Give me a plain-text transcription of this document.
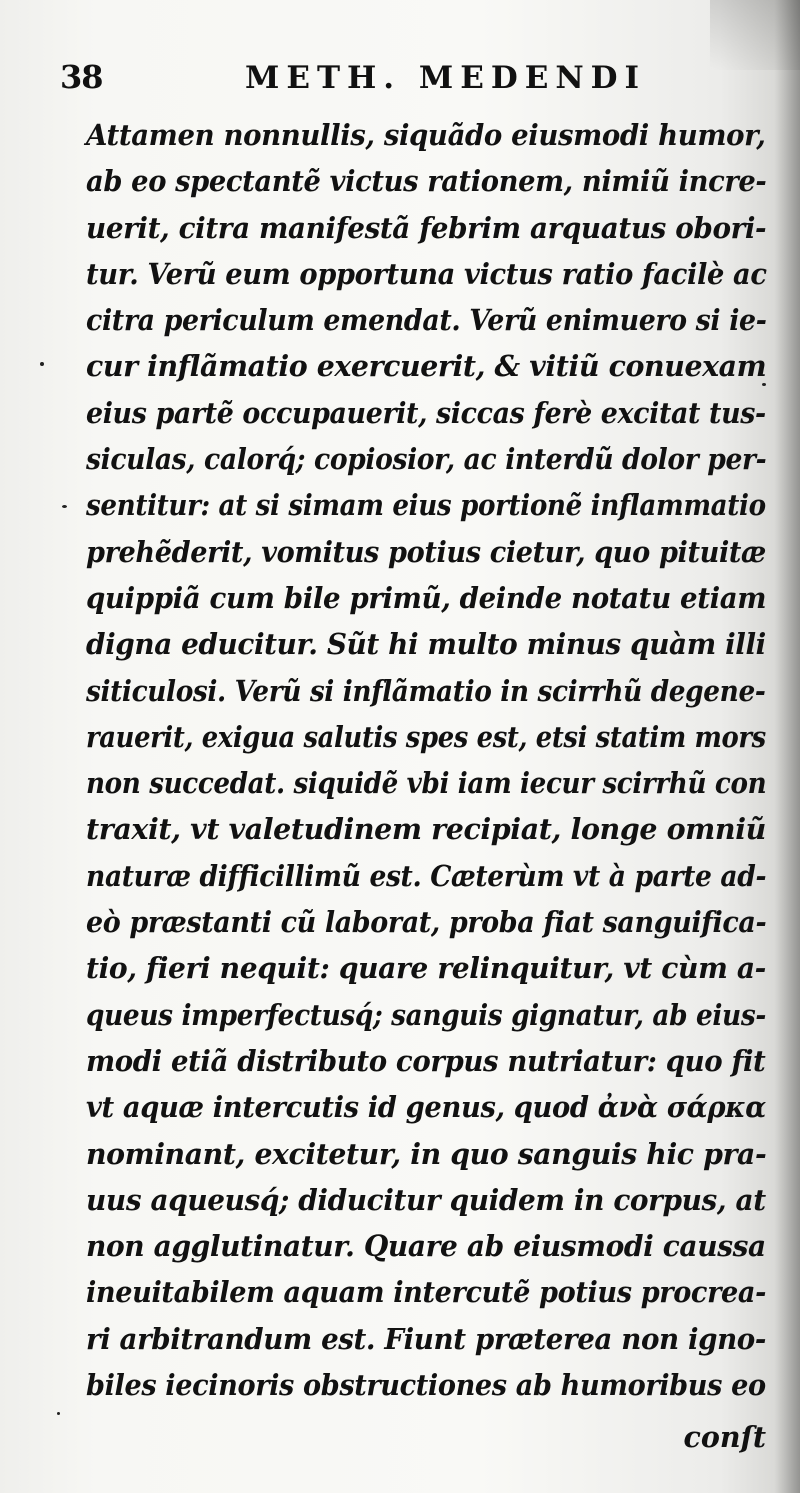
38	METH. MEDENDI
Attamen nonnullis, siquãdo eiusmodi humor,
ab eo spectantẽ victus rationem, nimiũ incre-
uerit, citra manifestã febrim arquatus obori-
tur. Verũ eum opportuna victus ratio facilè ac
citra periculum emendat. Verũ enimuero si ie-
cur inflãmatio exercuerit, & vitiũ conuexam
eius partẽ occupauerit, siccas ferè excitat tus-
siculas, calorq́; copiosior, ac interdũ dolor per-
sentitur: at si simam eius portionẽ inflammatio
prehẽderit, vomitus potius cietur, quo pituitæ
quippiã cum bile primũ, deinde notatu etiam
digna educitur. Sũt hi multo minus quàm illi
siticulosi. Verũ si inflãmatio in scirrhũ degene-
rauerit, exigua salutis spes est, etsi statim mors
non succedat. siquidẽ vbi iam iecur scirrhũ con
traxit, vt valetudinem recipiat, longe omniũ
naturæ difficillimũ est. Cæterùm vt à parte ad-
eò præstanti cũ laborat, proba fiat sanguifica-
tio, fieri nequit: quare relinquitur, vt cùm a-
queus imperfectusq́; sanguis gignatur, ab eius-
modi etiã distributo corpus nutriatur: quo fit
vt aquæ intercutis id genus, quod ἀνὰ σάρκα
nominant, excitetur, in quo sanguis hic pra-
uus aqueusq́; diducitur quidem in corpus, at
non agglutinatur. Quare ab eiusmodi caussa
ineuitabilem aquam intercutẽ potius procrea-
ri arbitrandum est. Fiunt præterea non igno-
biles iecinoris obstructiones ab humoribus eo
conſt
